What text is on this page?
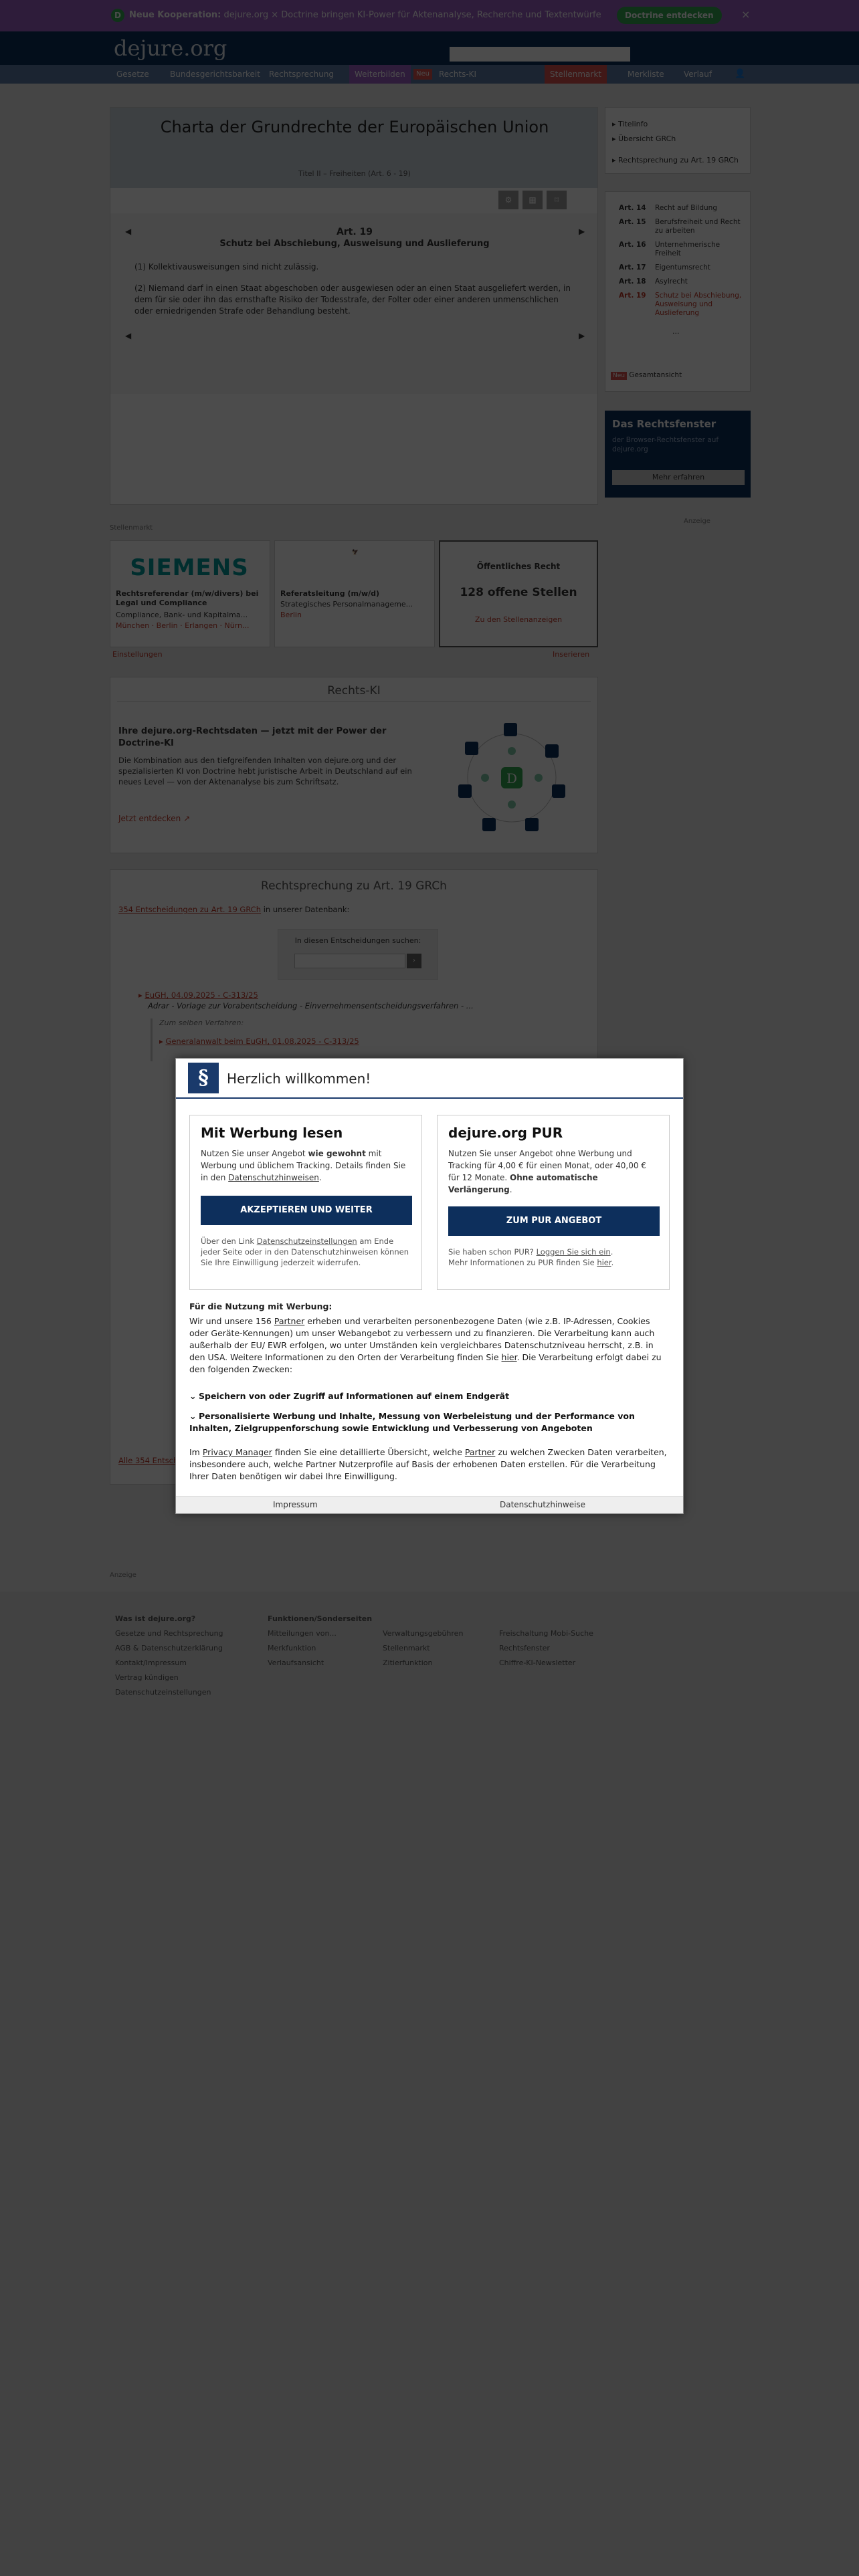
§	Herzlich willkommen!
Mit Werbung lesen

Nutzen Sie unser Angebot wie gewohnt mit Werbung und üblichem Tracking. Details finden Sie in den Datenschutzhinweisen.

AKZEPTIEREN UND WEITER

Über den Link Datenschutzeinstellungen am Ende jeder Seite oder in den Datenschutzhinweisen können Sie Ihre Einwilligung jederzeit widerrufen.

dejure.org PUR

Nutzen Sie unser Angebot ohne Werbung und Tracking für 4,00 € für einen Monat, oder 40,00 € für 12 Monate. Ohne automatische Verlängerung.

ZUM PUR ANGEBOT

Sie haben schon PUR? Loggen Sie sich ein.
Mehr Informationen zu PUR finden Sie hier.

Für die Nutzung mit Werbung:
Wir und unsere 156 Partner erheben und verarbeiten personenbezogene Daten (wie z.B. IP-Adressen, Cookies oder Geräte-Kennungen) um unser Webangebot zu verbessern und zu finanzieren. Die Verarbeitung kann auch außerhalb der EU/ EWR erfolgen, wo unter Umständen kein vergleichbares Datenschutzniveau herrscht, z.B. in den USA. Weitere Informationen zu den Orten der Verarbeitung finden Sie hier. Die Verarbeitung erfolgt dabei zu den folgenden Zwecken:
⌄ Speichern von oder Zugriff auf Informationen auf einem Endgerät
⌄ Personalisierte Werbung und Inhalte, Messung von Werbeleistung und der Performance von Inhalten, Zielgruppenforschung sowie Entwicklung und Verbesserung von Angeboten
Im Privacy Manager finden Sie eine detaillierte Übersicht, welche Partner zu welchen Zwecken Daten verarbeiten, insbesondere auch, welche Partner Nutzerprofile auf Basis der erhobenen Daten erstellen. Für die Verarbeitung Ihrer Daten benötigen wir dabei Ihre Einwilligung.
Impressum	Datenschutzhinweise
